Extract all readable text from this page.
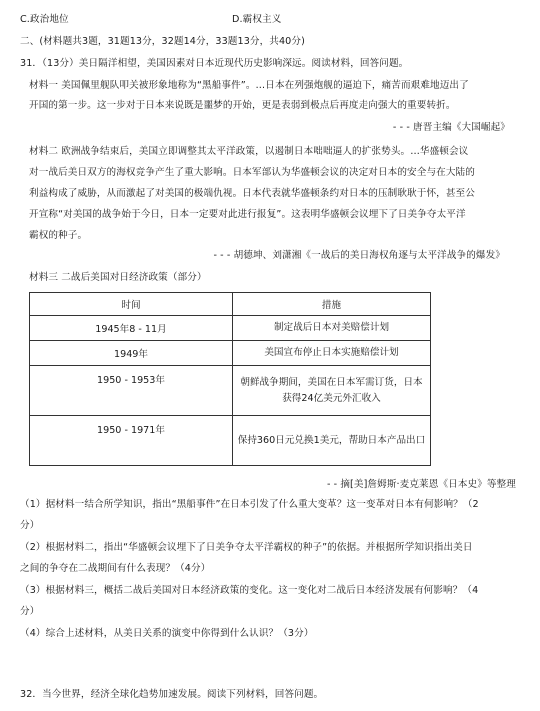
C.政治地位	D.霸权主义
二、(材料题共3题，31题13分，32题14分，33题13分，共40分)
31．（13分）美日隔洋相望，美国因素对日本近现代历史影响深远。阅读材料，回答问题。
材料一 美国佩里舰队叩关被形象地称为“黑船事件”。…日本在列强炮舰的逼迫下，痛苦而艰难地迈出了
开国的第一步。这一步对于日本来说既是噩梦的开始，更是表弱到极点后再度走向强大的重要转折。
- - - 唐晋主编《大国崛起》
材料二 欧洲战争结束后，美国立即调整其太平洋政策，以遏制日本咄咄逼人的扩张势头。…华盛顿会议
对一战后美日双方的海权竞争产生了重大影响。日本军部认为华盛顿会议的决定对日本的安全与在大陆的
利益构成了威胁，从而激起了对美国的极端仇视。日本代表就华盛顿条约对日本的压制耿耿于怀，甚至公
开宣称“对美国的战争始于今日，日本一定要对此进行报复”。这表明华盛顿会议埋下了日美争夺太平洋
霸权的种子。
- - - 胡德坤、刘潇湘《一战后的美日海权角逐与太平洋战争的爆发》
材料三 二战后美国对日经济政策（部分）
时间	措施
1945年8 - 11月	制定战后日本对美赔偿计划
1949年	美国宣布停止日本实施赔偿计划
1950 - 1953年	朝鲜战争期间，美国在日本军需订货，日本获得24亿美元外汇收入
1950 - 1971年	保持360日元兑换1美元，帮助日本产品出口
- - 摘[美]詹姆斯·麦克莱恩《日本史》等整理
（1）据材料一结合所学知识，指出“黑船事件”在日本引发了什么重大变革？这一变革对日本有何影响？（2
分）
（2）根据材料二，指出“华盛顿会议埋下了日美争夺太平洋霸权的种子”的依据。并根据所学知识指出美日
之间的争夺在二战期间有什么表现？（4分）
（3）根据材料三，概括二战后美国对日本经济政策的变化。这一变化对二战后日本经济发展有何影响？（4
分）
（4）综合上述材料，从美日关系的演变中你得到什么认识？（3分）
32．当今世界，经济全球化趋势加速发展。阅读下列材料，回答问题。
